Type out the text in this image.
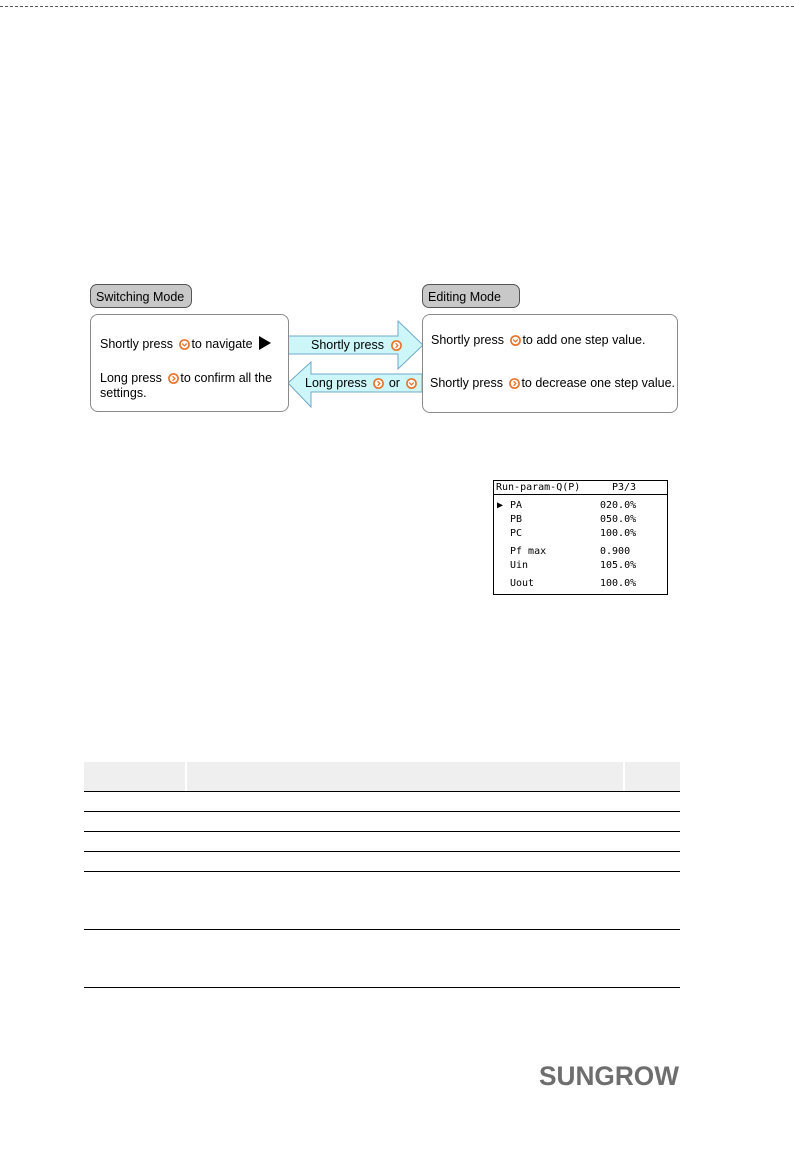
Switching Mode	Editing Mode
Shortly press
Long press or
Shortly press to navigate
Long press to confirm all the
settings.
Shortly press to add one step value.
Shortly press to decrease one step value.
Run-param-Q(P)	P3/3
▶ PA	020.0%
PB	050.0%
PC	100.0%
Pf max	0.900
Uin	105.0%
Uout	100.0%
SUNGROW
